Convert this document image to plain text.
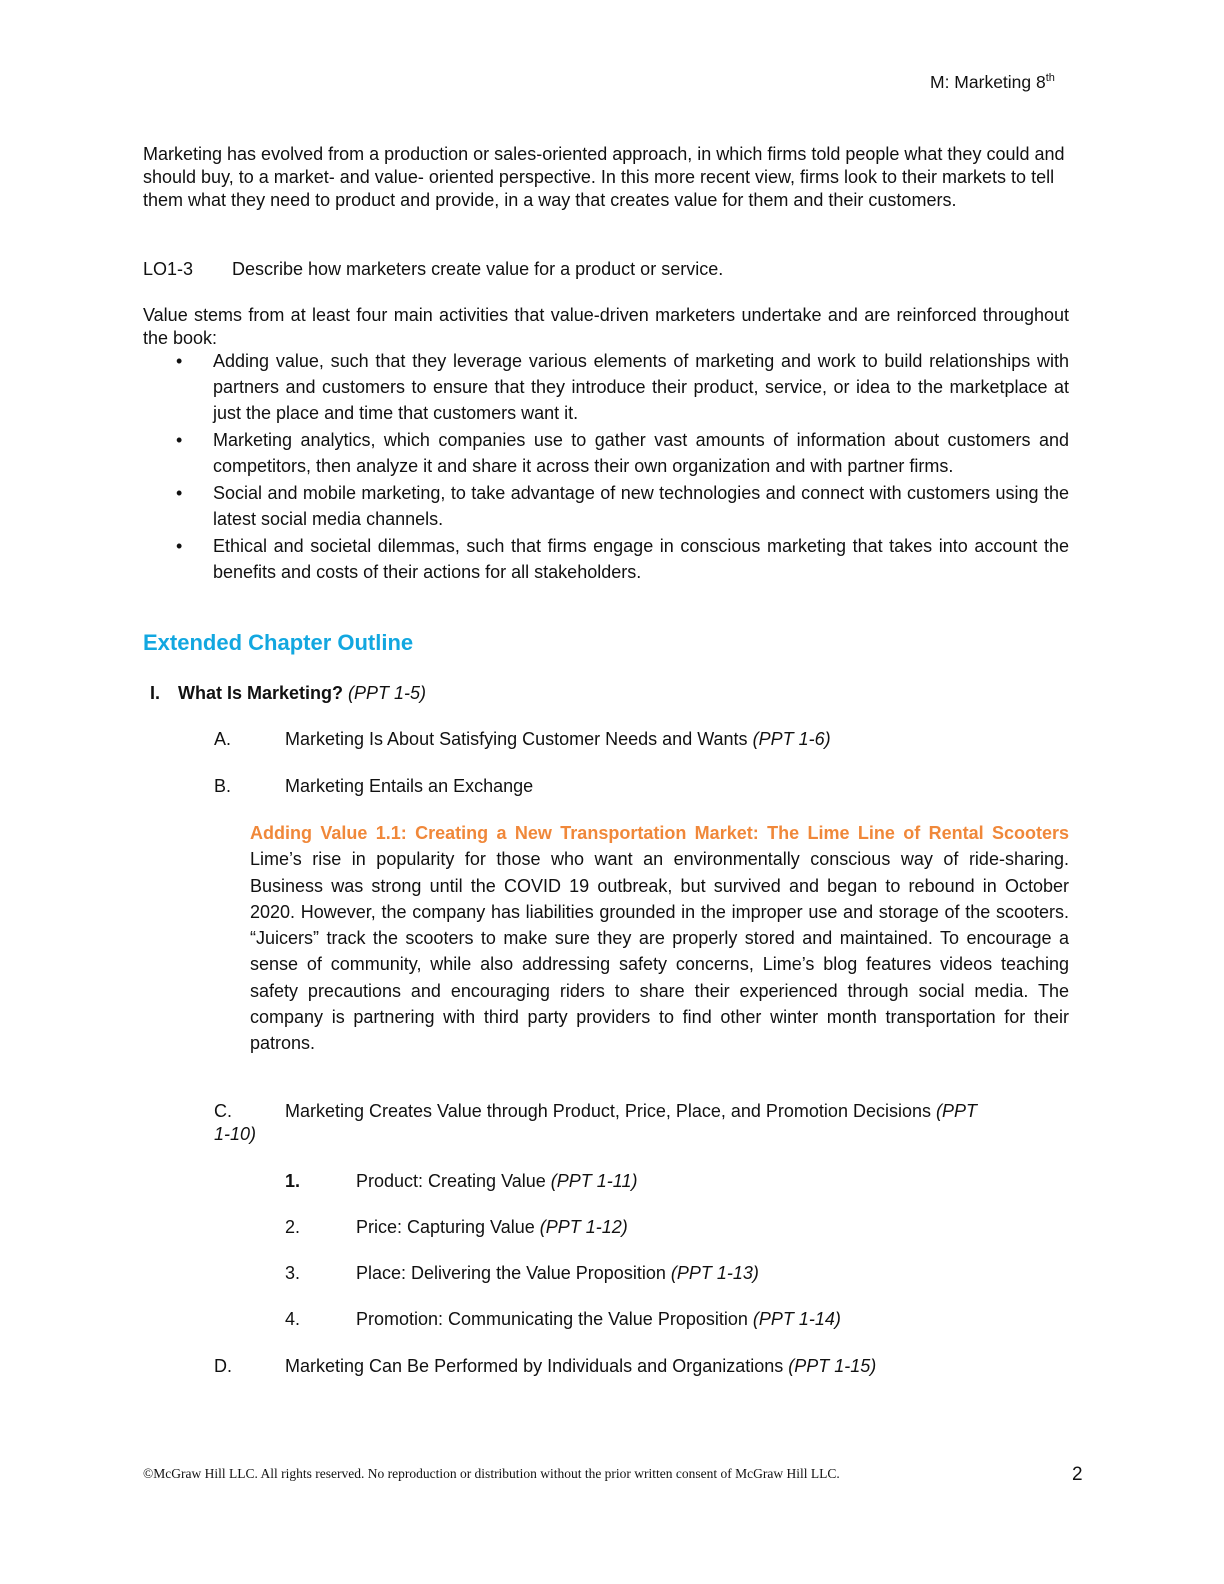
M: Marketing 8th
Marketing has evolved from a production or sales-oriented approach, in which firms told people what they could and should buy, to a market- and value- oriented perspective. In this more recent view, firms look to their markets to tell them what they need to product and provide, in a way that creates value for them and their customers.
LO1-3 Describe how marketers create value for a product or service.
Value stems from at least four main activities that value-driven marketers undertake and are reinforced throughout the book:
• Adding value, such that they leverage various elements of marketing and work to build relationships with partners and customers to ensure that they introduce their product, service, or idea to the marketplace at just the place and time that customers want it.
• Marketing analytics, which companies use to gather vast amounts of information about customers and competitors, then analyze it and share it across their own organization and with partner firms.
• Social and mobile marketing, to take advantage of new technologies and connect with customers using the latest social media channels.
• Ethical and societal dilemmas, such that firms engage in conscious marketing that takes into account the benefits and costs of their actions for all stakeholders.
Extended Chapter Outline
I. What Is Marketing? (PPT 1-5)
A.	Marketing Is About Satisfying Customer Needs and Wants (PPT 1-6)
B.	Marketing Entails an Exchange
Adding Value 1.1: Creating a New Transportation Market: The Lime Line of Rental Scooters Lime’s rise in popularity for those who want an environmentally conscious way of ride-sharing. Business was strong until the COVID 19 outbreak, but survived and began to rebound in October 2020. However, the company has liabilities grounded in the improper use and storage of the scooters. “Juicers” track the scooters to make sure they are properly stored and maintained. To encourage a sense of community, while also addressing safety concerns, Lime’s blog features videos teaching safety precautions and encouraging riders to share their experienced through social media. The company is partnering with third party providers to find other winter month transportation for their patrons.
C.	Marketing Creates Value through Product, Price, Place, and Promotion Decisions (PPT
1-10)
1.	Product: Creating Value (PPT 1-11)
2.	Price: Capturing Value (PPT 1-12)
3.	Place: Delivering the Value Proposition (PPT 1-13)
4.	Promotion: Communicating the Value Proposition (PPT 1-14)
D.	Marketing Can Be Performed by Individuals and Organizations (PPT 1-15)
©McGraw Hill LLC. All rights reserved. No reproduction or distribution without the prior written consent of McGraw Hill LLC.	2
